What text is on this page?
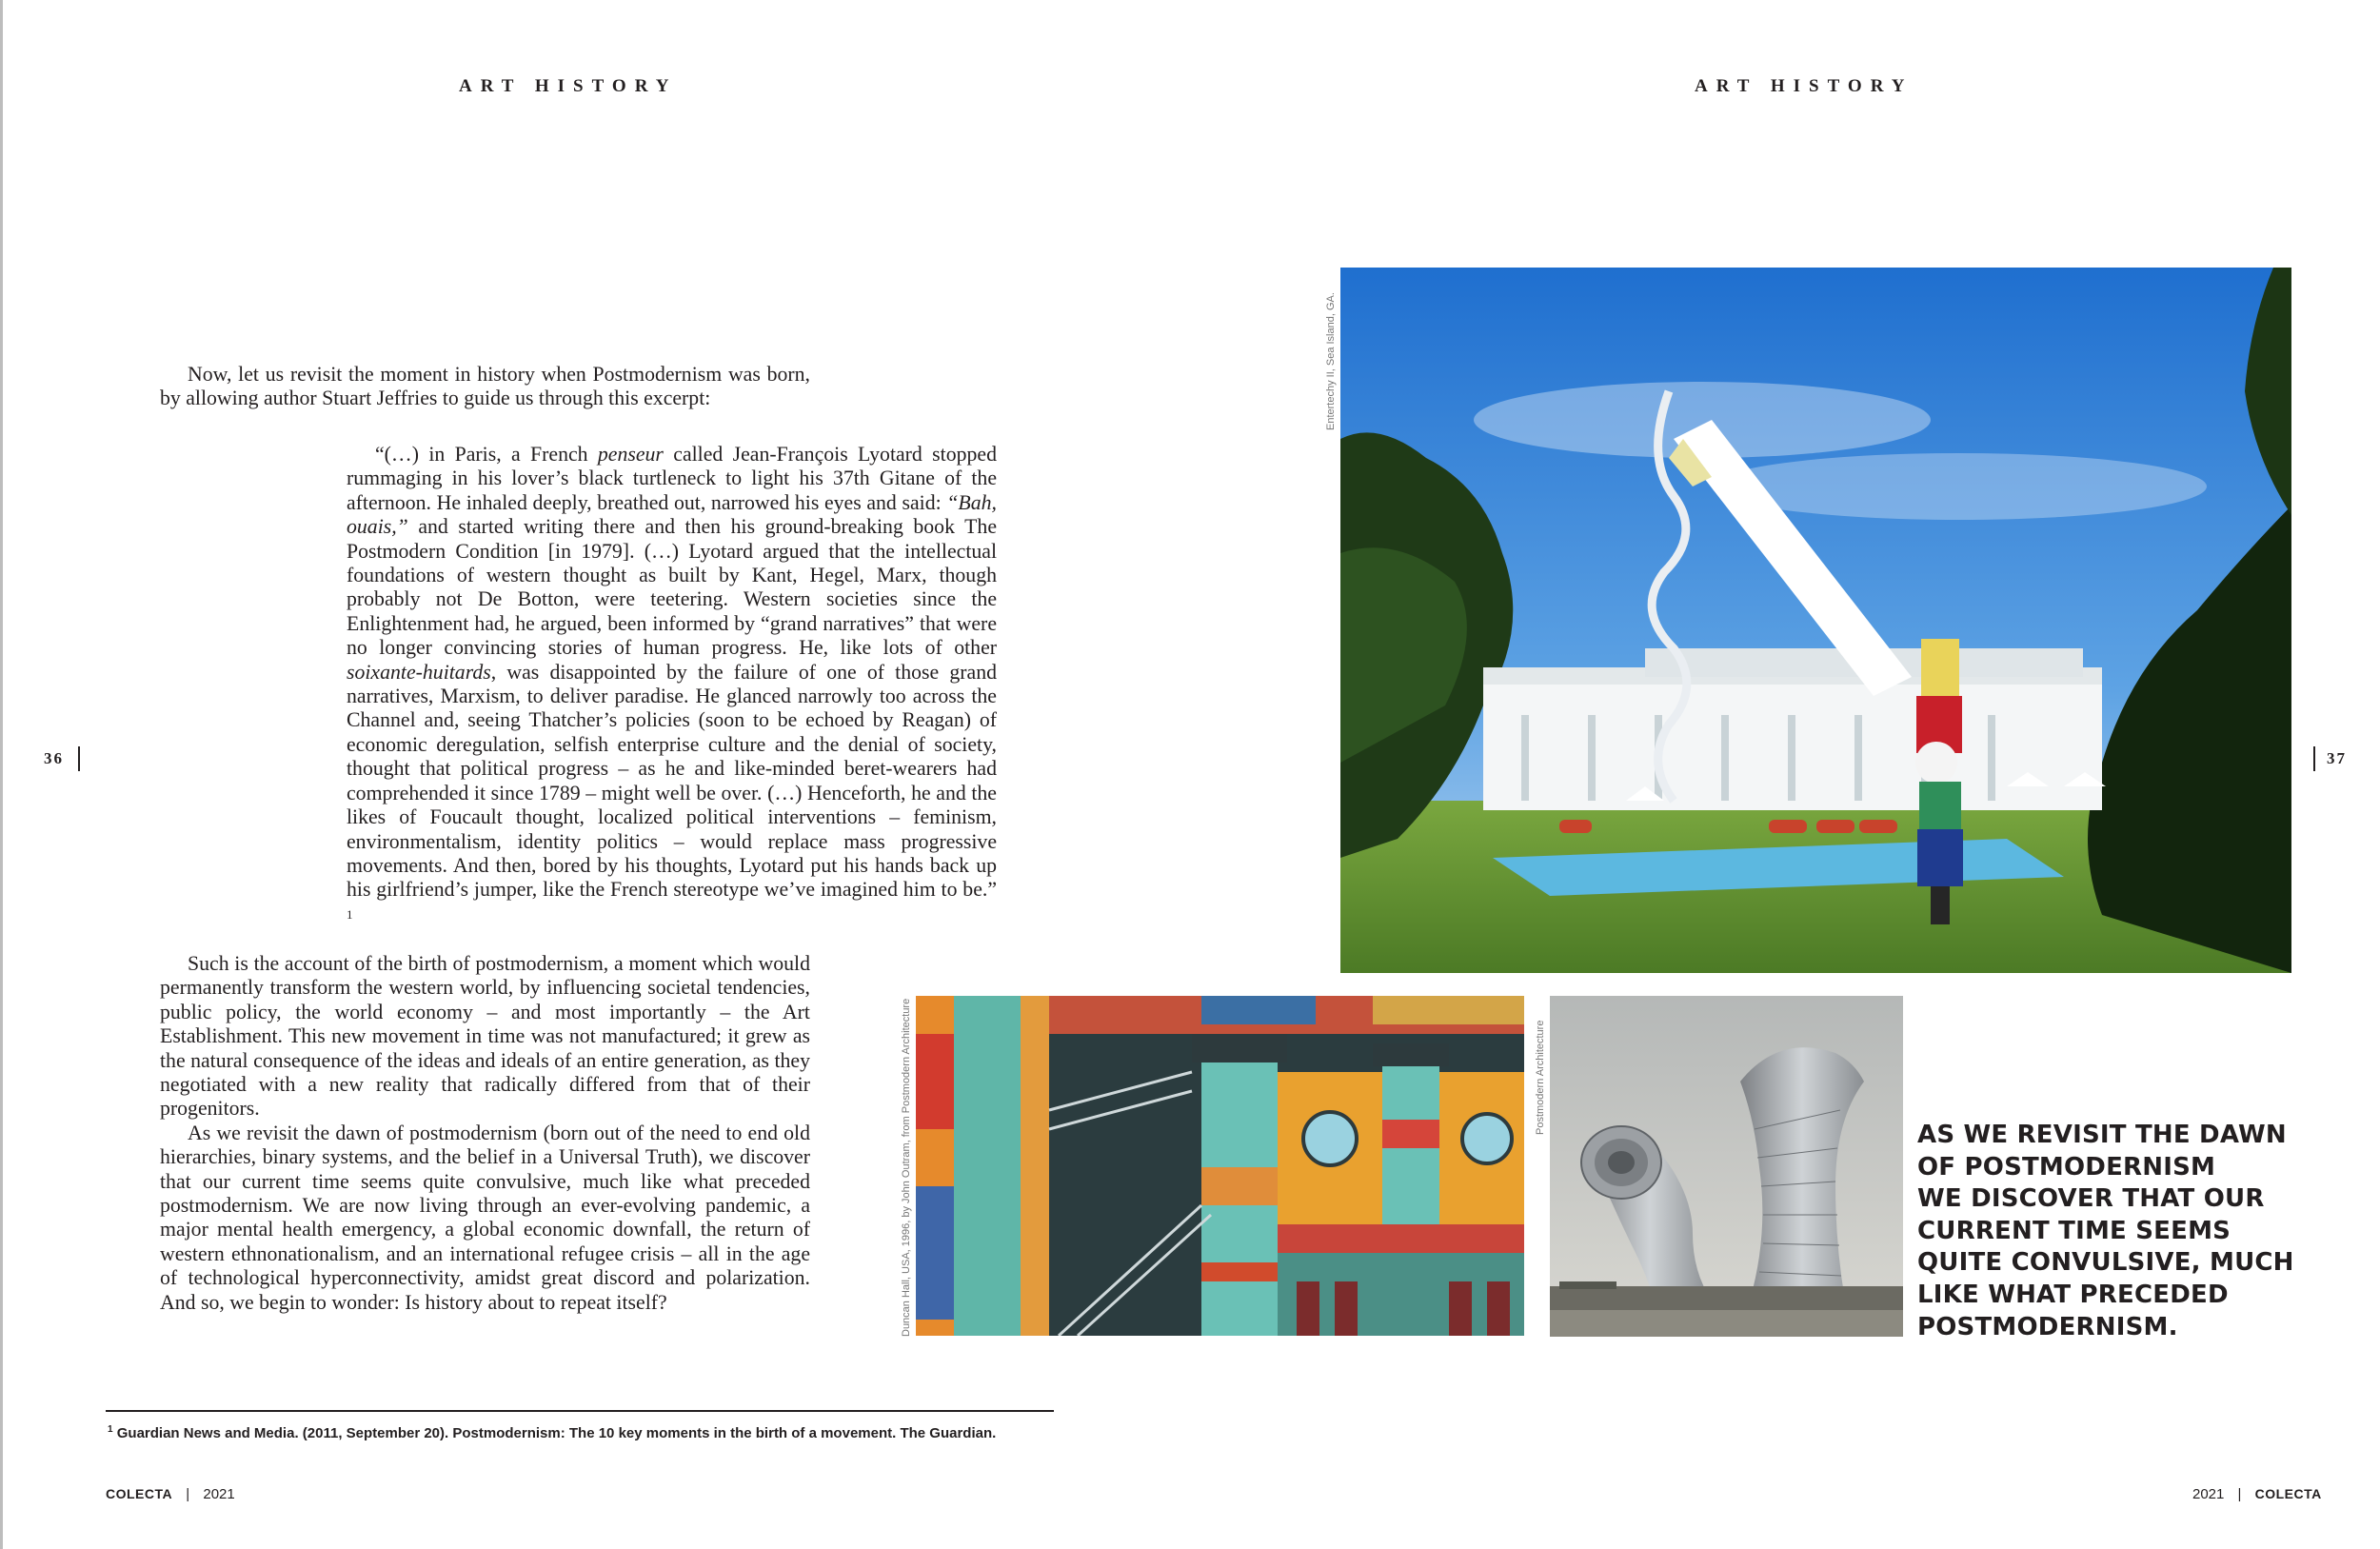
ART HISTORY
36

Now, let us revisit the moment in history when Postmodernism was born, by allowing author Stuart Jeffries to guide us through this excerpt:

“(…) in Paris, a French penseur called Jean-François Lyotard stopped rummaging in his lover’s black turtleneck to light his 37th Gitane of the afternoon. He inhaled deeply, breathed out, narrowed his eyes and said: “Bah, ouais,” and started writing there and then his ground-breaking book The Postmodern Condition [in 1979]. (…) Lyotard argued that the intellectual foundations of western thought as built by Kant, Hegel, Marx, though probably not De Botton, were teetering. Western societies since the Enlightenment had, he argued, been informed by “grand narratives” that were no longer convincing stories of human progress. He, like lots of other soixante-huitards, was disappointed by the failure of one of those grand narratives, Marxism, to deliver paradise. He glanced narrowly too across the Channel and, seeing Thatcher’s policies (soon to be echoed by Reagan) of economic deregulation, selfish enterprise culture and the denial of society, thought that political progress – as he and like-minded beret-wearers had comprehended it since 1789 – might well be over. (…) Henceforth, he and the likes of Foucault thought, localized political interventions – feminism, environmentalism, identity politics – would replace mass progressive movements. And then, bored by his thoughts, Lyotard put his hands back up his girlfriend’s jumper, like the French stereotype we’ve imagined him to be.” $^1$

Such is the account of the birth of postmodernism, a moment which would permanently transform the western world, by influencing societal tendencies, public policy, the world economy – and most importantly – the Art Establishment. This new movement in time was not manufactured; it grew as the natural consequence of the ideas and ideals of an entire generation, as they negotiated with a new reality that radically differed from that of their progenitors.

As we revisit the dawn of postmodernism (born out of the need to end old hierarchies, binary systems, and the belief in a Universal Truth), we discover that our current time seems quite convulsive, much like what preceded postmodernism. We are now living through an ever-evolving pandemic, a major mental health emergency, a global economic downfall, the return of western ethnonationalism, and an international refugee crisis – all in the age of technological hyperconnectivity, amidst great discord and polarization. And so, we begin to wonder: Is history about to repeat itself?

$^1$ Guardian News and Media. (2011, September 20). Postmodernism: The 10 key moments in the birth of a movement. The Guardian.
COLECTA | 2021
ART HISTORY
37
Entertechy II, Sea Island, GA.
Duncan Hall, USA, 1996, by John Outram, from Postmodern Architecture	Postmodern Architecture	AS WE REVISIT THE DAWN
OF POSTMODERNISM
WE DISCOVER THAT OUR
CURRENT TIME SEEMS
QUITE CONVULSIVE, MUCH
LIKE WHAT PRECEDED
POSTMODERNISM.
2021 | COLECTA
